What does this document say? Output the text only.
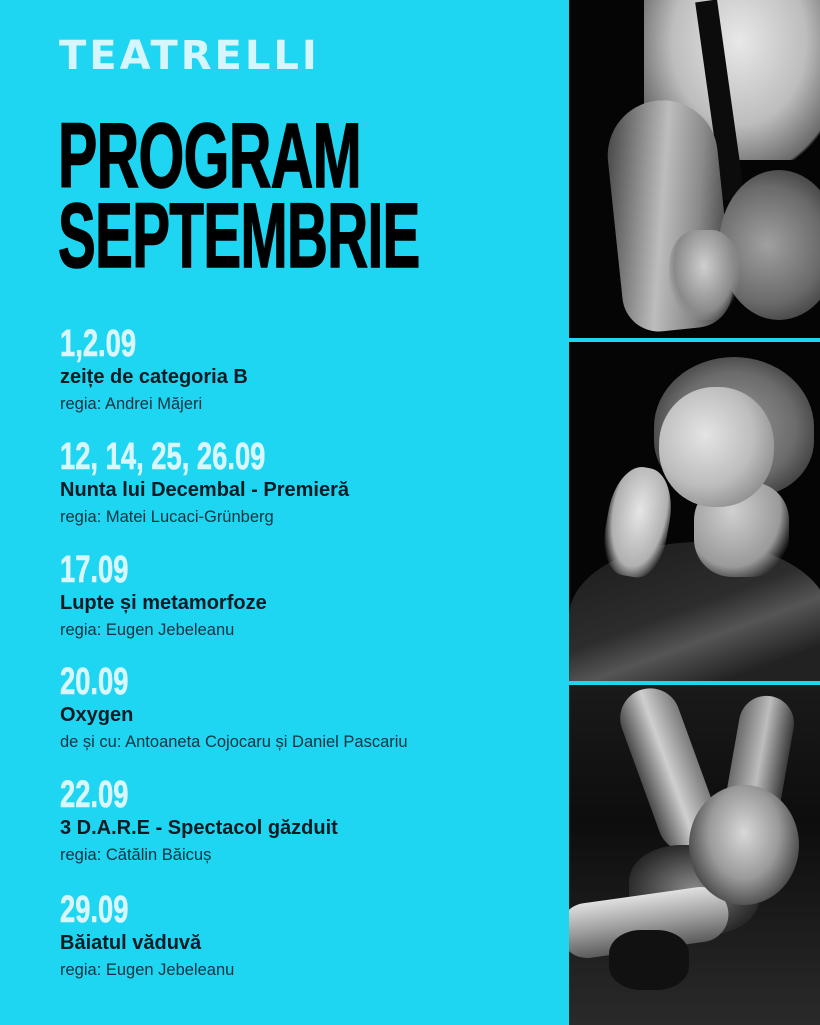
TEATRELLI
PROGRAM
SEPTEMBRIE
1,2.09
zeițe de categoria B
regia: Andrei Măjeri
12, 14, 25, 26.09
Nunta lui Decembal - Premieră
regia: Matei Lucaci-Grünberg
17.09
Lupte și metamorfoze
regia: Eugen Jebeleanu
20.09
Oxygen
de și cu: Antoaneta Cojocaru și Daniel Pascariu
22.09
3 D.A.R.E - Spectacol găzduit
regia: Cătălin Băicuș
29.09
Băiatul văduvă
regia: Eugen Jebeleanu
